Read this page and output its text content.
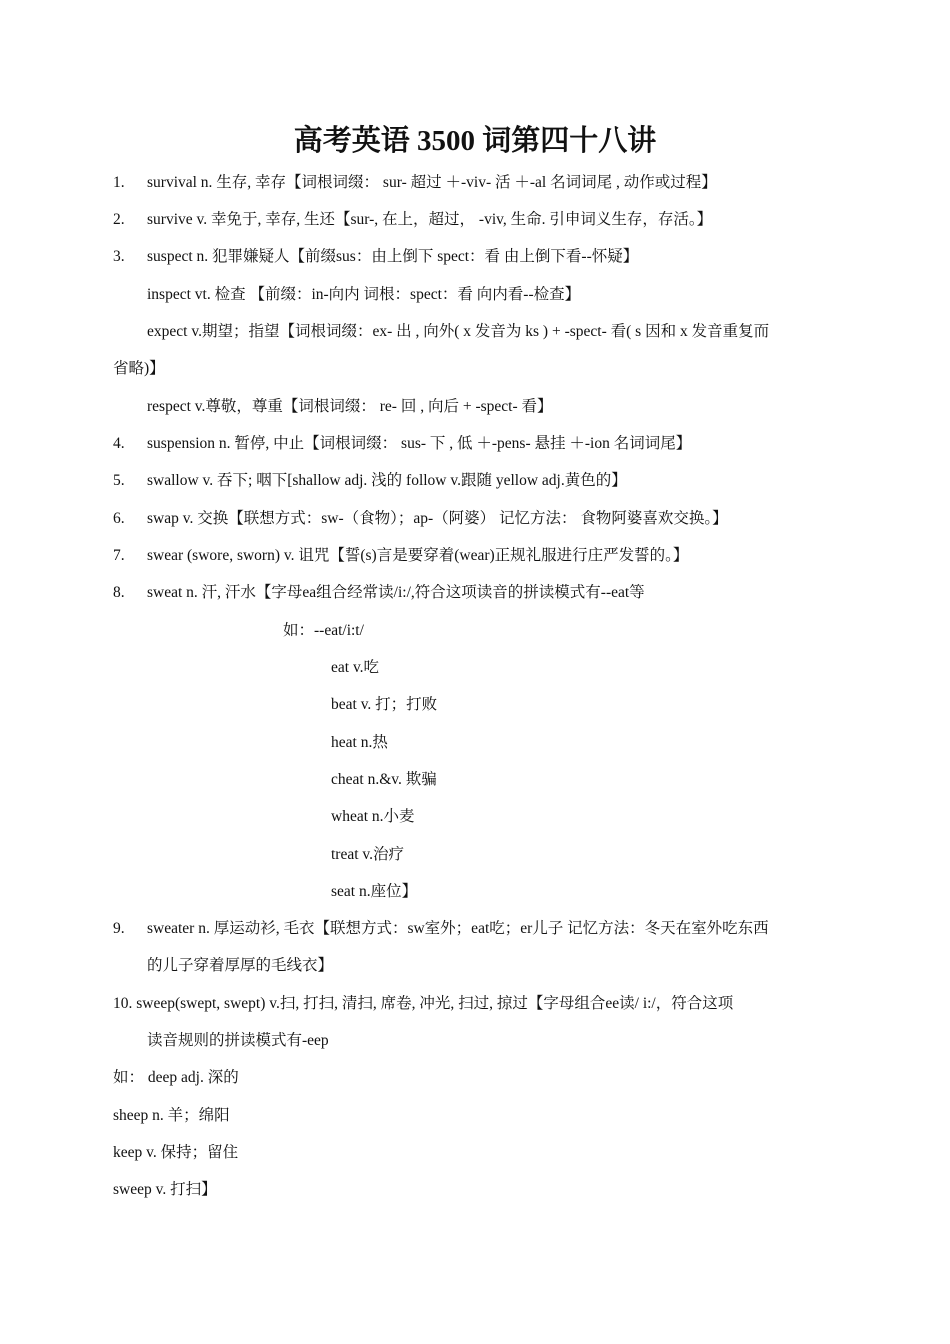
高考英语 3500 词第四十八讲
1. survival n. 生存, 幸存【词根词缀： sur- 超过 ＋-viv- 活 ＋-al 名词词尾 , 动作或过程】
2. survive v. 幸免于, 幸存, 生还【sur-, 在上，超过， -viv, 生命. 引申词义生存，存活。】
3. suspect n. 犯罪嫌疑人【前缀sus：由上倒下 spect：看 由上倒下看--怀疑】
inspect vt. 检查 【前缀：in-向内 词根：spect：看 向内看--检查】
expect v.期望；指望【词根词缀：ex- 出 , 向外( x 发音为 ks ) + -spect- 看( s 因和 x 发音重复而
省略)】
respect v.尊敬，尊重【词根词缀： re- 回 , 向后 + -spect- 看】
4. suspension n. 暂停, 中止【词根词缀： sus- 下 , 低 ＋-pens- 悬挂 ＋-ion 名词词尾】
5. swallow v. 吞下; 咽下[shallow adj. 浅的 follow v.跟随 yellow adj.黄色的】
6. swap v. 交换【联想方式：sw-（食物）；ap-（阿婆） 记忆方法： 食物阿婆喜欢交换。】
7. swear (swore, sworn) v. 诅咒【誓(s)言是要穿着(wear)正规礼服进行庄严发誓的。】
8. sweat n. 汗, 汗水【字母ea组合经常读/i:/,符合这项读音的拼读模式有--eat等
如：--eat/i:t/
eat v.吃
beat v. 打；打败
heat n.热
cheat n.&v. 欺骗
wheat n.小麦
treat v.治疗
seat n.座位】
9. sweater n. 厚运动衫, 毛衣【联想方式：sw室外；eat吃；er儿子 记忆方法：冬天在室外吃东西
的儿子穿着厚厚的毛线衣】
10. sweep(swept, swept) v.扫, 打扫, 清扫, 席卷, 冲光, 扫过, 掠过【字母组合ee读/ i:/，符合这项
读音规则的拼读模式有-eep
如： deep adj. 深的
sheep n. 羊；绵阳
keep v. 保持；留住
sweep v. 打扫】
